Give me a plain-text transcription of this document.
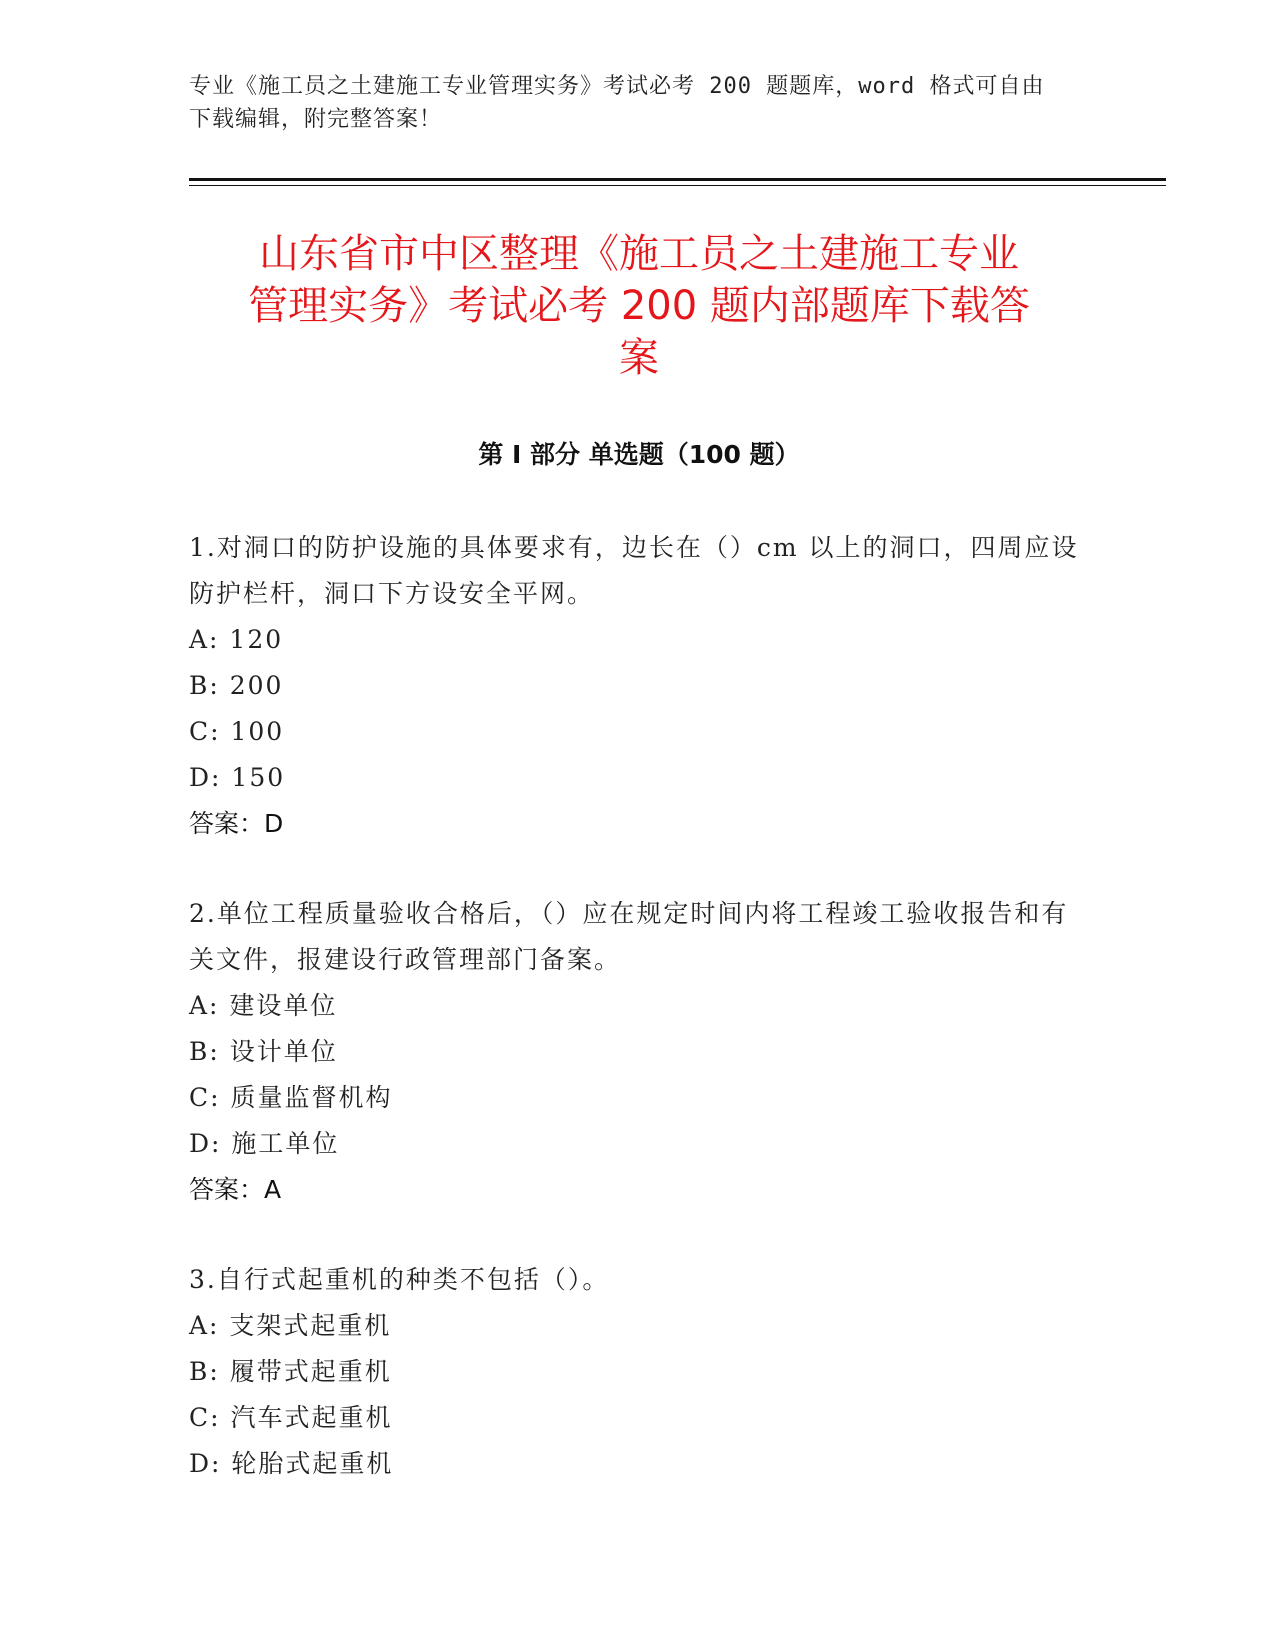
专业《施工员之土建施工专业管理实务》考试必考 200 题题库，word 格式可自由
下载编辑，附完整答案！
山东省市中区整理《施工员之土建施工专业
管理实务》考试必考 200 题内部题库下载答
案
第 I 部分 单选题（100 题）
1.对洞口的防护设施的具体要求有，边长在（）cm 以上的洞口，四周应设防护栏杆，洞口下方设安全平网。
A: 120
B: 200
C: 100
D: 150
答案：D
2.单位工程质量验收合格后，（）应在规定时间内将工程竣工验收报告和有关文件，报建设行政管理部门备案。
A: 建设单位
B: 设计单位
C: 质量监督机构
D: 施工单位
答案：A
3.自行式起重机的种类不包括（）。
A: 支架式起重机
B: 履带式起重机
C: 汽车式起重机
D: 轮胎式起重机
